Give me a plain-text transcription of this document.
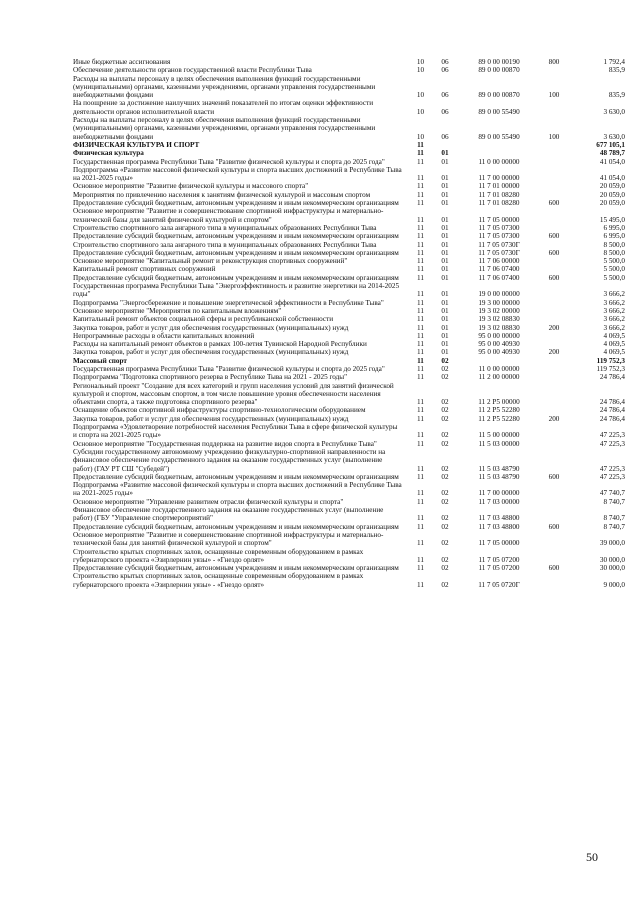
Иные бюджетные ассигнования	10	06	89 0 00 00190	800	1 792,4
Обеспечение деятельности органов государственной власти Республики Тыва	10	06	89 0 00 00870	835,9
Расходы на выплаты персоналу в целях обеспечения выполнения функций государственными (муниципальными) органами, казенными учреждениями, органами управления государственными внебюджетными фондами	10	06	89 0 00 00870	100	835,9
На поощрение за достижение наилучших значений показателей по итогам оценки эффективности деятельности органов исполнительной власти	10	06	89 0 00 55490	3 630,0
Расходы на выплаты персоналу в целях обеспечения выполнения функций государственными (муниципальными) органами, казенными учреждениями, органами управления государственными внебюджетными фондами	10	06	89 0 00 55490	100	3 630,0
ФИЗИЧЕСКАЯ КУЛЬТУРА И СПОРТ	11	677 105,1
Физическая культура	11	01	48 789,7
Государственная программа Республики Тыва "Развитие физической культуры и спорта до 2025 года"	11	01	11 0 00 00000	41 054,0
Подпрограмма «Развитие массовой физической культуры и спорта высших достижений в Республике Тыва на 2021-2025 годы»	11	01	11 7 00 00000	41 054,0
Основное мероприятие "Развитие физической культуры и массового спорта"	11	01	11 7 01 00000	20 059,0
Мероприятия по привлечению населения к занятиям физической культурой и массовым спортом	11	01	11 7 01 08280	20 059,0
Предоставление субсидий бюджетным, автономным учреждениям и иным некоммерческим организациям	11	01	11 7 01 08280	600	20 059,0
Основное мероприятие "Развитие и совершенствование спортивной инфраструктуры и материально-технической базы для занятий физической культурой и спортом"	11	01	11 7 05 00000	15 495,0
Строительство спортивного зала ангарного типа в муниципальных образованиях Республики Тыва	11	01	11 7 05 07300	6 995,0
Предоставление субсидий бюджетным, автономным учреждениям и иным некоммерческим организациям	11	01	11 7 05 07300	600	6 995,0
Строительство спортивного зала ангарного типа в муниципальных образованиях Республики Тыва	11	01	11 7 05 0730Г	8 500,0
Предоставление субсидий бюджетным, автономным учреждениям и иным некоммерческим организациям	11	01	11 7 05 0730Г	600	8 500,0
Основное мероприятие "Капитальный ремонт и реконструкция спортивных сооружений"	11	01	11 7 06 00000	5 500,0
Капитальный ремонт спортивных сооружений	11	01	11 7 06 07400	5 500,0
Предоставление субсидий бюджетным, автономным учреждениям и иным некоммерческим организациям	11	01	11 7 06 07400	600	5 500,0
Государственная программа Республики Тыва "Энергоэффективность и развитие энергетики на 2014-2025 годы"	11	01	19 0 00 00000	3 666,2
Подпрограмма "Энергосбережение и повышение энергетической эффективности в Республике Тыва"	11	01	19 3 00 00000	3 666,2
Основное мероприятие "Мероприятия по капитальным вложениям"	11	01	19 3 02 00000	3 666,2
Капитальный ремонт объектов социальной сферы и республиканской собственности	11	01	19 3 02 08830	3 666,2
Закупка товаров, работ и услуг для обеспечения государственных (муниципальных) нужд	11	01	19 3 02 08830	200	3 666,2
Непрограммные расходы в области капитальных вложений	11	01	95 0 00 00000	4 069,5
Расходы на капитальный ремонт объектов в рамках 100-летия Тувинской Народной Республики	11	01	95 0 00 40930	4 069,5
Закупка товаров, работ и услуг для обеспечения государственных (муниципальных) нужд	11	01	95 0 00 40930	200	4 069,5
Массовый спорт	11	02	119 752,3
Государственная программа Республики Тыва "Развитие физической культуры и спорта до 2025 года"	11	02	11 0 00 00000	119 752,3
Подпрограмма "Подготовка спортивного резерва в Республике Тыва на 2021 - 2025 годы"	11	02	11 2 00 00000	24 786,4
Региональный проект "Создание для всех категорий и групп населения условий для занятий физической культурой и спортом, массовым спортом, в том числе повышение уровня обеспеченности населения объектами спорта, а также подготовка спортивного резерва"	11	02	11 2 Р5 00000	24 786,4
Оснащение объектов спортивной инфраструктуры спортивно-технологическим оборудованием	11	02	11 2 Р5 52280	24 786,4
Закупка товаров, работ и услуг для обеспечения государственных (муниципальных) нужд	11	02	11 2 Р5 52280	200	24 786,4
Подпрограмма «Удовлетворение потребностей населения Республики Тыва в сфере физической культуры и спорта на 2021-2025 годы»	11	02	11 5 00 00000	47 225,3
Основное мероприятие "Государственная поддержка на развитие видов спорта в Республике Тыва"	11	02	11 5 03 00000	47 225,3
Субсидии государственному автономному учреждению физкультурно-спортивной направленности на финансовое обеспечение государственного задания на оказание государственных услуг (выполнение работ) (ГАУ РТ СШ "Субедей")	11	02	11 5 03 48790	47 225,3
Предоставление субсидий бюджетным, автономным учреждениям и иным некоммерческим организациям	11	02	11 5 03 48790	600	47 225,3
Подпрограмма «Развитие массовой физической культуры и спорта высших достижений в Республике Тыва на 2021-2025 годы»	11	02	11 7 00 00000	47 740,7
Основное мероприятие "Управление развитием отрасли физической культуры и спорта"	11	02	11 7 03 00000	8 740,7
Финансовое обеспечение государственного задания на оказание государственных услуг (выполнение работ) (ГБУ "Управление спортмероприятий"	11	02	11 7 03 48800	8 740,7
Предоставление субсидий бюджетным, автономным учреждениям и иным некоммерческим организациям	11	02	11 7 03 48800	600	8 740,7
Основное мероприятие "Развитие и совершенствование спортивной инфраструктуры и материально-технической базы для занятий физической культурой и спортом"	11	02	11 7 05 00000	39 000,0
Строительство крытых спортивных залов, оснащенные современным оборудованием в рамках губернаторского проекта «Эзирлернин уязы» - «Гнездо орлят»	11	02	11 7 05 07200	30 000,0
Предоставление субсидий бюджетным, автономным учреждениям и иным некоммерческим организациям	11	02	11 7 05 07200	600	30 000,0
Строительство крытых спортивных залов, оснащенные современным оборудованием в рамках губернаторского проекта «Эзирлернин уязы» - «Гнездо орлят»	11	02	11 7 05 0720Г	9 000,0
50
